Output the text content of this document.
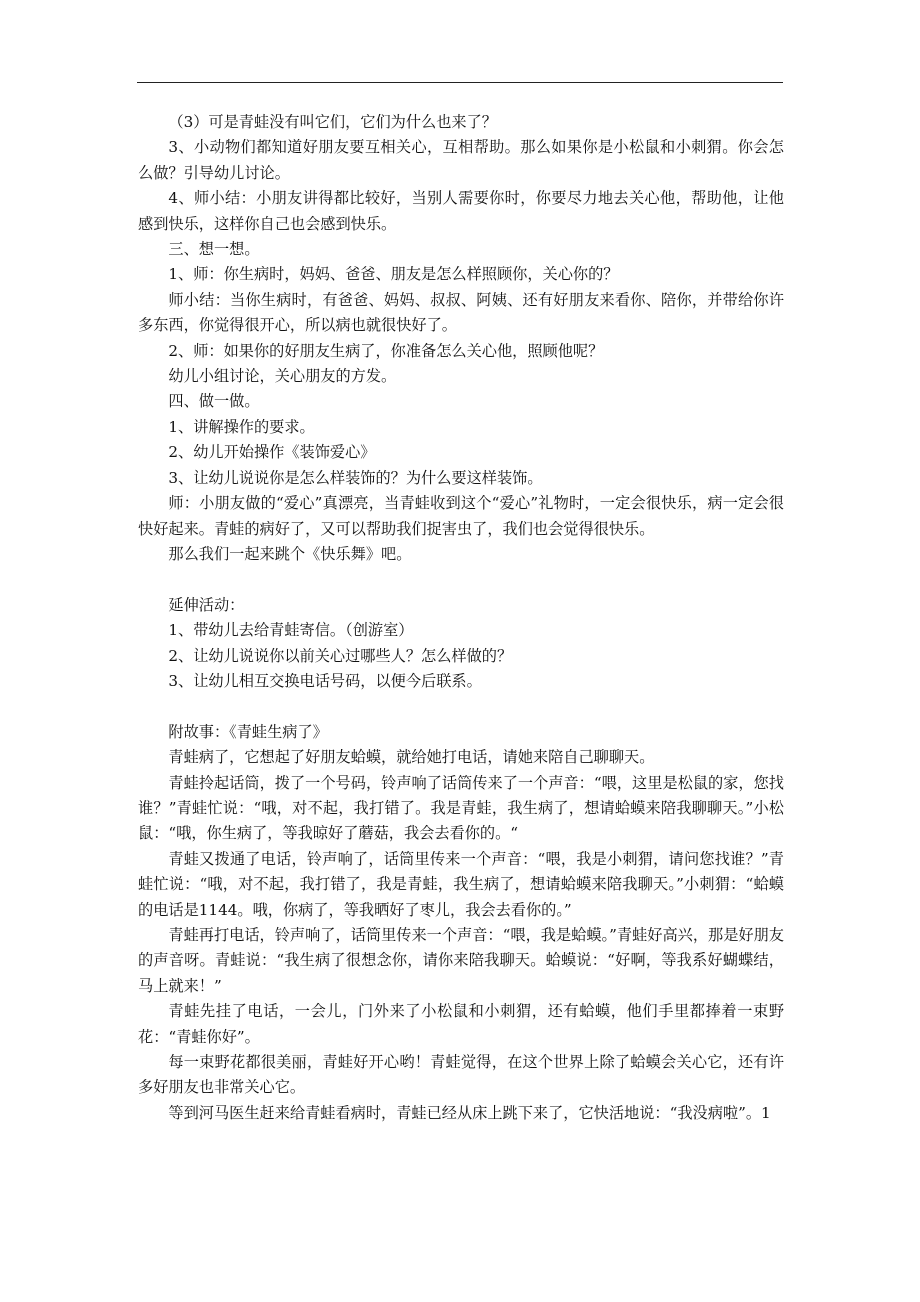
（3）可是青蛙没有叫它们，它们为什么也来了？

3、小动物们都知道好朋友要互相关心，互相帮助。那么如果你是小松鼠和小刺猬。你会怎么做？引导幼儿讨论。

4、师小结：小朋友讲得都比较好，当别人需要你时，你要尽力地去关心他，帮助他，让他感到快乐，这样你自己也会感到快乐。

三、想一想。

1、师：你生病时，妈妈、爸爸、朋友是怎么样照顾你，关心你的？

师小结：当你生病时，有爸爸、妈妈、叔叔、阿姨、还有好朋友来看你、陪你，并带给你许多东西，你觉得很开心，所以病也就很快好了。

2、师：如果你的好朋友生病了，你准备怎么关心他，照顾他呢？

幼儿小组讨论，关心朋友的方发。

四、做一做。

1、讲解操作的要求。

2、幼儿开始操作《装饰爱心》

3、让幼儿说说你是怎么样装饰的？为什么要这样装饰。

师：小朋友做的“爱心”真漂亮，当青蛙收到这个“爱心”礼物时，一定会很快乐，病一定会很快好起来。青蛙的病好了，又可以帮助我们捉害虫了，我们也会觉得很快乐。

那么我们一起来跳个《快乐舞》吧。

延伸活动：

1、带幼儿去给青蛙寄信。（创游室）

2、让幼儿说说你以前关心过哪些人？怎么样做的？

3、让幼儿相互交换电话号码，以便今后联系。

附故事：《青蛙生病了》

青蛙病了，它想起了好朋友蛤蟆，就给她打电话，请她来陪自己聊聊天。

青蛙拎起话筒，拨了一个号码，铃声响了话筒传来了一个声音：“喂，这里是松鼠的家，您找谁？”青蛙忙说：“哦，对不起，我打错了。我是青蛙，我生病了，想请蛤蟆来陪我聊聊天。”小松鼠：“哦，你生病了，等我晾好了蘑菇，我会去看你的。“

青蛙又拨通了电话，铃声响了，话筒里传来一个声音：“喂，我是小刺猬，请问您找谁？”青蛙忙说：“哦，对不起，我打错了，我是青蛙，我生病了，想请蛤蟆来陪我聊天。”小刺猬：“蛤蟆的电话是1144。哦，你病了，等我晒好了枣儿，我会去看你的。”

青蛙再打电话，铃声响了，话筒里传来一个声音：“喂，我是蛤蟆。”青蛙好高兴，那是好朋友的声音呀。青蛙说：“我生病了很想念你，请你来陪我聊天。蛤蟆说：“好啊，等我系好蝴蝶结，马上就来！”

青蛙先挂了电话，一会儿，门外来了小松鼠和小刺猬，还有蛤蟆，他们手里都捧着一束野花：“青蛙你好”。

每一束野花都很美丽，青蛙好开心哟！青蛙觉得，在这个世界上除了蛤蟆会关心它，还有许多好朋友也非常关心它。

等到河马医生赶来给青蛙看病时，青蛙已经从床上跳下来了，它快活地说：“我没病啦”。1
